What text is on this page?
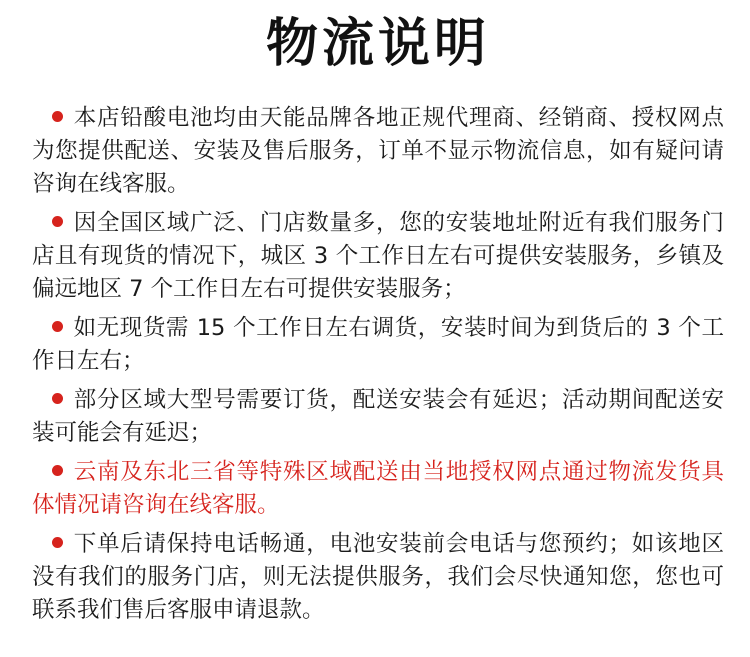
物流说明
本店铅酸电池均由天能品牌各地正规代理商、经销商、授权网点为您提供配送、安装及售后服务，订单不显示物流信息，如有疑问请咨询在线客服。
因全国区域广泛、门店数量多，您的安装地址附近有我们服务门店且有现货的情况下，城区 3 个工作日左右可提供安装服务，乡镇及偏远地区 7 个工作日左右可提供安装服务；
如无现货需 15 个工作日左右调货，安装时间为到货后的 3 个工作日左右；
部分区域大型号需要订货，配送安装会有延迟；活动期间配送安装可能会有延迟；
云南及东北三省等特殊区域配送由当地授权网点通过物流发货具体情况请咨询在线客服。
下单后请保持电话畅通，电池安装前会电话与您预约；如该地区没有我们的服务门店，则无法提供服务，我们会尽快通知您，您也可联系我们售后客服申请退款。
